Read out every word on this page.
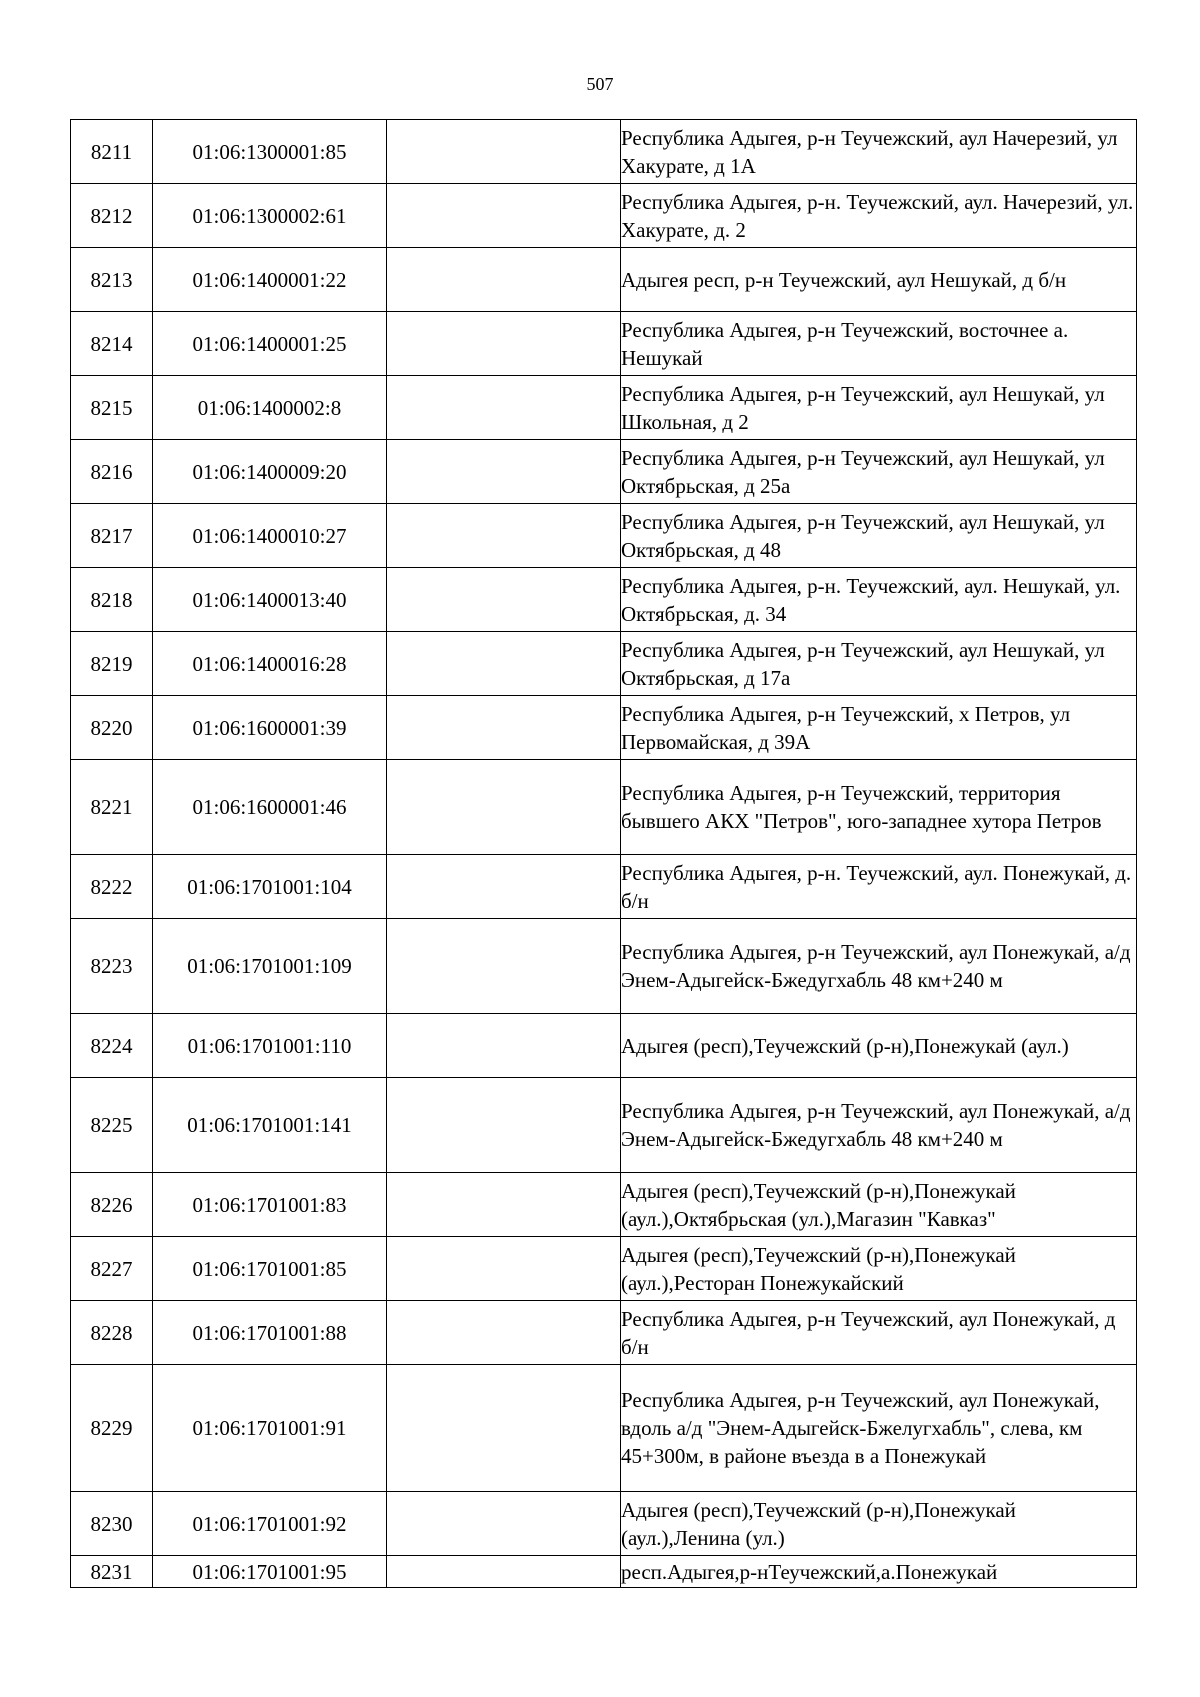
507
8211	01:06:1300001:85		Республика Адыгея, р-н Теучежский, аул Начерезий, ул Хакурате, д 1А
8212	01:06:1300002:61		Республика Адыгея, р-н. Теучежский, аул. Начерезий, ул. Хакурате, д. 2
8213	01:06:1400001:22		Адыгея респ, р-н Теучежский, аул Нешукай, д б/н
8214	01:06:1400001:25		Республика Адыгея, р-н Теучежский, восточнее а. Нешукай
8215	01:06:1400002:8		Республика Адыгея, р-н Теучежский, аул Нешукай, ул Школьная, д 2
8216	01:06:1400009:20		Республика Адыгея, р-н Теучежский, аул Нешукай, ул Октябрьская, д 25а
8217	01:06:1400010:27		Республика Адыгея, р-н Теучежский, аул Нешукай, ул Октябрьская, д 48
8218	01:06:1400013:40		Республика Адыгея, р-н. Теучежский, аул. Нешукай, ул. Октябрьская, д. 34
8219	01:06:1400016:28		Республика Адыгея, р-н Теучежский, аул Нешукай, ул Октябрьская, д 17а
8220	01:06:1600001:39		Республика Адыгея, р-н Теучежский, х Петров, ул Первомайская, д 39А
8221	01:06:1600001:46		Республика Адыгея, р-н Теучежский, территория бывшего АКХ "Петров", юго-западнее хутора Петров
8222	01:06:1701001:104		Республика Адыгея, р-н. Теучежский, аул. Понежукай, д. б/н
8223	01:06:1701001:109		Республика Адыгея, р-н Теучежский, аул Понежукай, а/д Энем-Адыгейск-Бжедугхабль 48 км+240 м
8224	01:06:1701001:110		Адыгея (респ),Теучежский (р-н),Понежукай (аул.)
8225	01:06:1701001:141		Республика Адыгея, р-н Теучежский, аул Понежукай, а/д Энем-Адыгейск-Бжедугхабль 48 км+240 м
8226	01:06:1701001:83		Адыгея (респ),Теучежский (р-н),Понежукай (аул.),Октябрьская (ул.),Магазин "Кавказ"
8227	01:06:1701001:85		Адыгея (респ),Теучежский (р-н),Понежукай (аул.),Ресторан Понежукайский
8228	01:06:1701001:88		Республика Адыгея, р-н Теучежский, аул Понежукай, д б/н
8229	01:06:1701001:91		Республика Адыгея, р-н Теучежский, аул Понежукай, вдоль а/д "Энем-Адыгейск-Бжелугхабль", слева, км 45+300м, в районе въезда в а Понежукай
8230	01:06:1701001:92		Адыгея (респ),Теучежский (р-н),Понежукай (аул.),Ленина (ул.)
8231	01:06:1701001:95		респ.Адыгея,р-нТеучежский,а.Понежукай
